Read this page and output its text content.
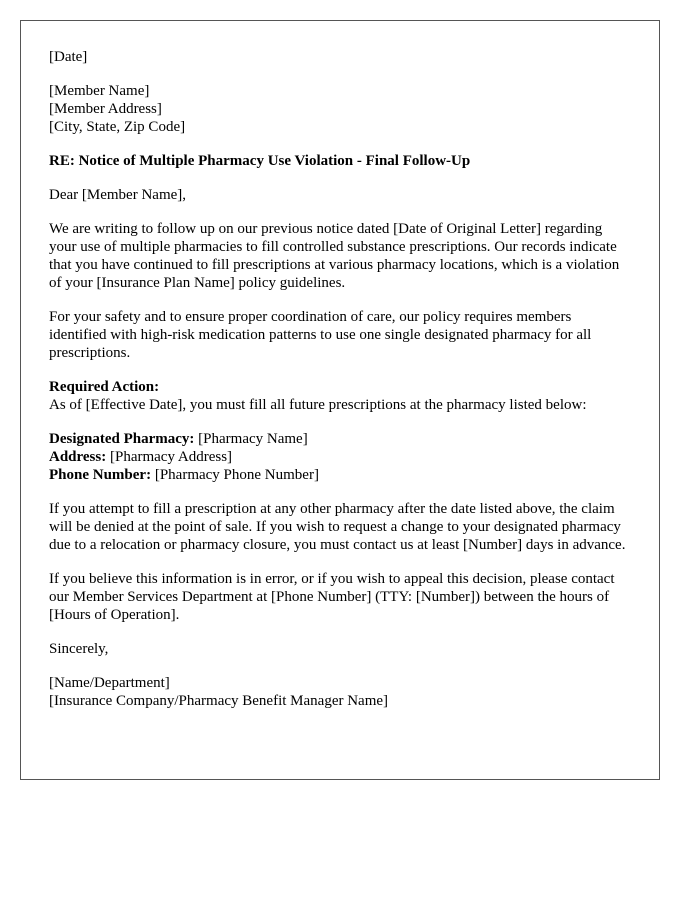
[Date]
[Member Name]
[Member Address]
[City, State, Zip Code]
RE: Notice of Multiple Pharmacy Use Violation - Final Follow-Up
Dear [Member Name],
We are writing to follow up on our previous notice dated [Date of Original Letter] regarding your use of multiple pharmacies to fill controlled substance prescriptions. Our records indicate that you have continued to fill prescriptions at various pharmacy locations, which is a violation of your [Insurance Plan Name] policy guidelines.
For your safety and to ensure proper coordination of care, our policy requires members identified with high-risk medication patterns to use one single designated pharmacy for all prescriptions.
Required Action:
As of [Effective Date], you must fill all future prescriptions at the pharmacy listed below:
Designated Pharmacy: [Pharmacy Name]
Address: [Pharmacy Address]
Phone Number: [Pharmacy Phone Number]
If you attempt to fill a prescription at any other pharmacy after the date listed above, the claim will be denied at the point of sale. If you wish to request a change to your designated pharmacy due to a relocation or pharmacy closure, you must contact us at least [Number] days in advance.
If you believe this information is in error, or if you wish to appeal this decision, please contact our Member Services Department at [Phone Number] (TTY: [Number]) between the hours of [Hours of Operation].
Sincerely,
[Name/Department]
[Insurance Company/Pharmacy Benefit Manager Name]
